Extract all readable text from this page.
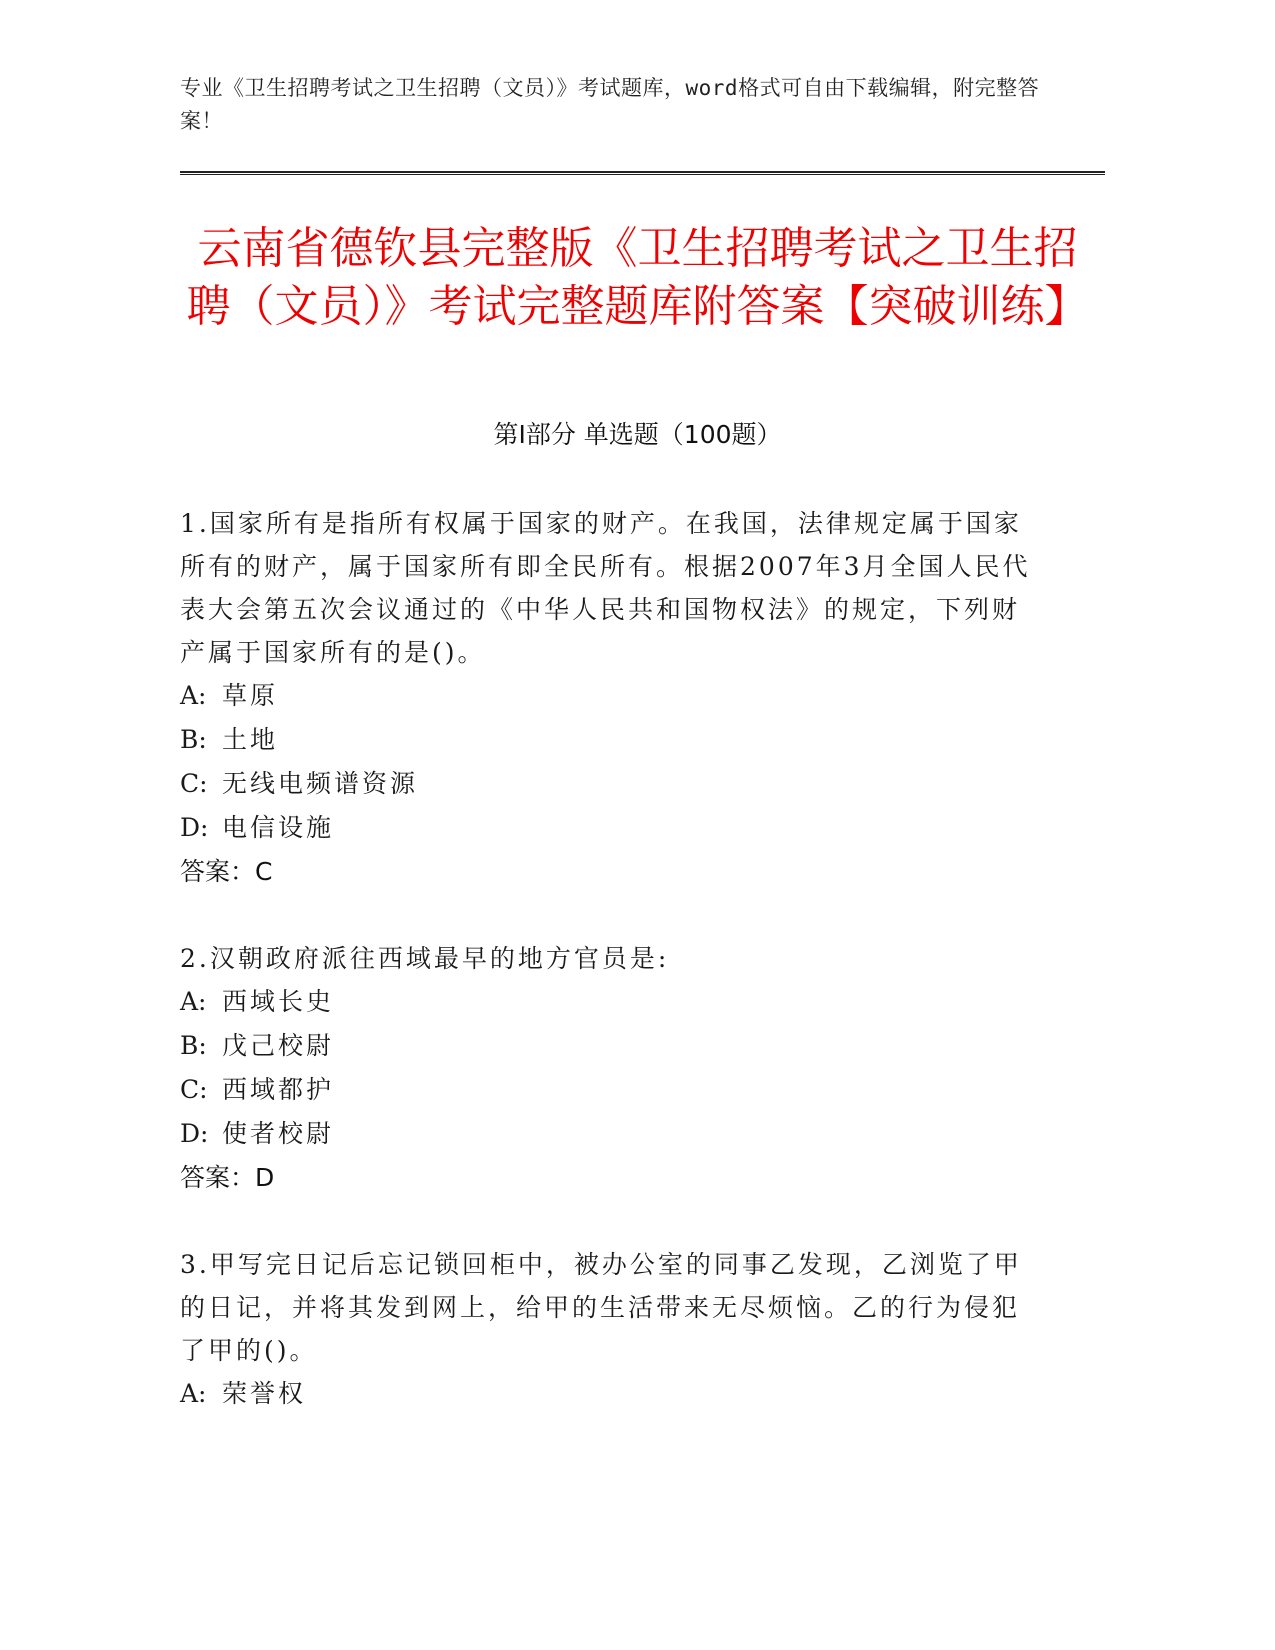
专业《卫生招聘考试之卫生招聘（文员）》考试题库，word格式可自由下载编辑，附完整答案！
云南省德钦县完整版《卫生招聘考试之卫生招聘（文员）》考试完整题库附答案【突破训练】
第Ⅰ部分 单选题（100题）
1.国家所有是指所有权属于国家的财产。在我国，法律规定属于国家所有的财产，属于国家所有即全民所有。根据2007年3月全国人民代表大会第五次会议通过的《中华人民共和国物权法》的规定，下列财产属于国家所有的是()。
A: 草原
B: 土地
C: 无线电频谱资源
D: 电信设施
答案：C
2.汉朝政府派往西域最早的地方官员是:
A: 西域长史
B: 戊己校尉
C: 西域都护
D: 使者校尉
答案：D
3.甲写完日记后忘记锁回柜中，被办公室的同事乙发现，乙浏览了甲的日记，并将其发到网上，给甲的生活带来无尽烦恼。乙的行为侵犯了甲的()。
A: 荣誉权
